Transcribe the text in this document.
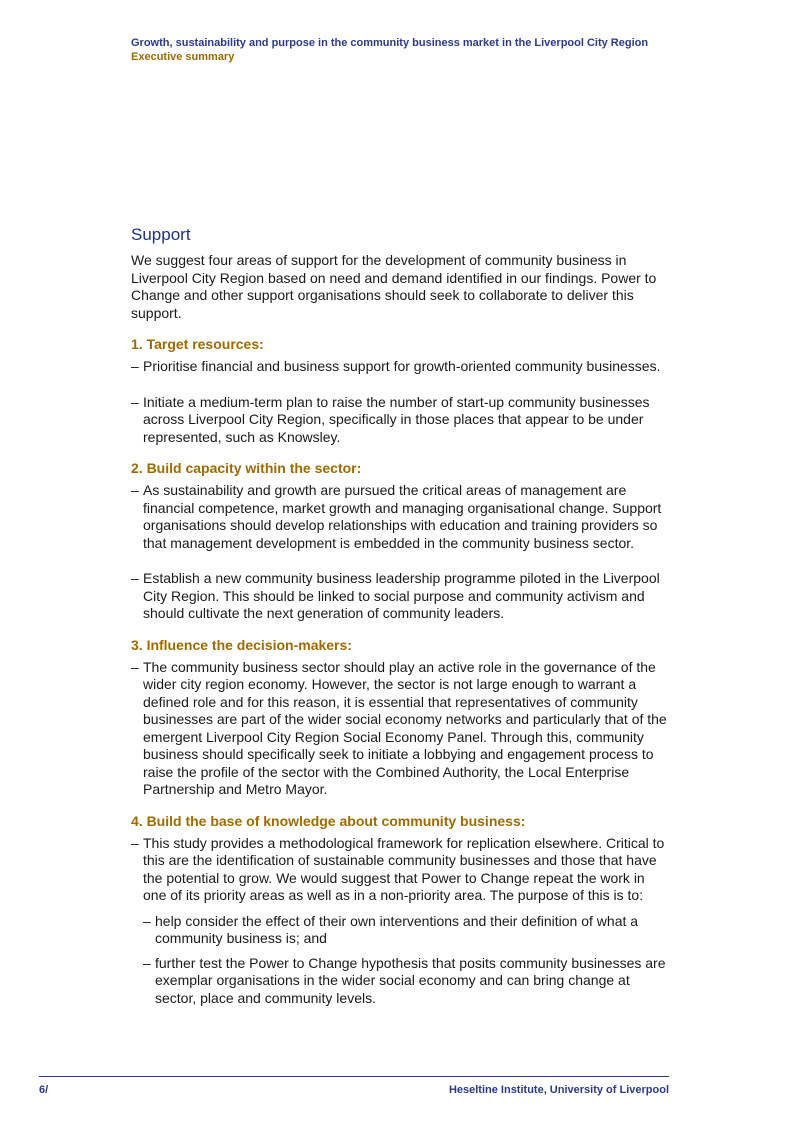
Growth, sustainability and purpose in the community business market in the Liverpool City Region
Executive summary
Support

We suggest four areas of support for the development of community business in Liverpool City Region based on need and demand identified in our findings. Power to Change and other support organisations should seek to collaborate to deliver this support.

1. Target resources:
– Prioritise financial and business support for growth-oriented community businesses.
– Initiate a medium-term plan to raise the number of start-up community businesses across Liverpool City Region, specifically in those places that appear to be under represented, such as Knowsley.
2. Build capacity within the sector:
– As sustainability and growth are pursued the critical areas of management are financial competence, market growth and managing organisational change. Support organisations should develop relationships with education and training providers so that management development is embedded in the community business sector.
– Establish a new community business leadership programme piloted in the Liverpool City Region. This should be linked to social purpose and community activism and should cultivate the next generation of community leaders.
3. Influence the decision-makers:
– The community business sector should play an active role in the governance of the wider city region economy. However, the sector is not large enough to warrant a defined role and for this reason, it is essential that representatives of community businesses are part of the wider social economy networks and particularly that of the emergent Liverpool City Region Social Economy Panel. Through this, community business should specifically seek to initiate a lobbying and engagement process to raise the profile of the sector with the Combined Authority, the Local Enterprise Partnership and Metro Mayor.
4. Build the base of knowledge about community business:
– This study provides a methodological framework for replication elsewhere. Critical to this are the identification of sustainable community businesses and those that have the potential to grow. We would suggest that Power to Change repeat the work in one of its priority areas as well as in a non-priority area. The purpose of this is to:
– help consider the effect of their own interventions and their definition of what a community business is; and
– further test the Power to Change hypothesis that posits community businesses are exemplar organisations in the wider social economy and can bring change at sector, place and community levels.
6/	Heseltine Institute, University of Liverpool
